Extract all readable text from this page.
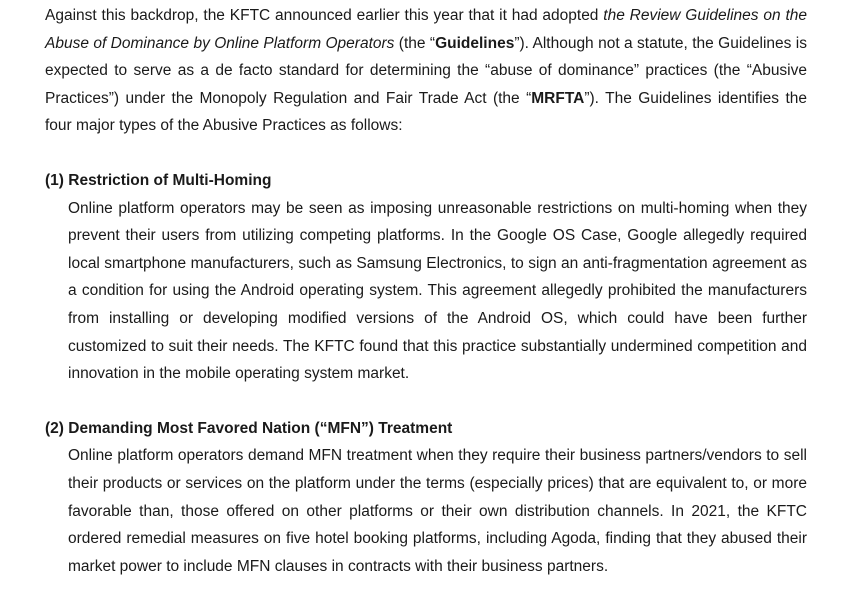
Against this backdrop, the KFTC announced earlier this year that it had adopted the Review Guidelines on the Abuse of Dominance by Online Platform Operators (the “Guidelines”). Although not a statute, the Guidelines is expected to serve as a de facto standard for determining the “abuse of dominance” practices (the “Abusive Practices”) under the Monopoly Regulation and Fair Trade Act (the “MRFTA”). The Guidelines identifies the four major types of the Abusive Practices as follows:

(1) Restriction of Multi-Homing

Online platform operators may be seen as imposing unreasonable restrictions on multi-homing when they prevent their users from utilizing competing platforms. In the Google OS Case, Google allegedly required local smartphone manufacturers, such as Samsung Electronics, to sign an anti-fragmentation agreement as a condition for using the Android operating system. This agreement allegedly prohibited the manufacturers from installing or developing modified versions of the Android OS, which could have been further customized to suit their needs. The KFTC found that this practice substantially undermined competition and innovation in the mobile operating system market.

(2) Demanding Most Favored Nation (“MFN”) Treatment

Online platform operators demand MFN treatment when they require their business partners/vendors to sell their products or services on the platform under the terms (especially prices) that are equivalent to, or more favorable than, those offered on other platforms or their own distribution channels. In 2021, the KFTC ordered remedial measures on five hotel booking platforms, including Agoda, finding that they abused their market power to include MFN clauses in contracts with their business partners.
